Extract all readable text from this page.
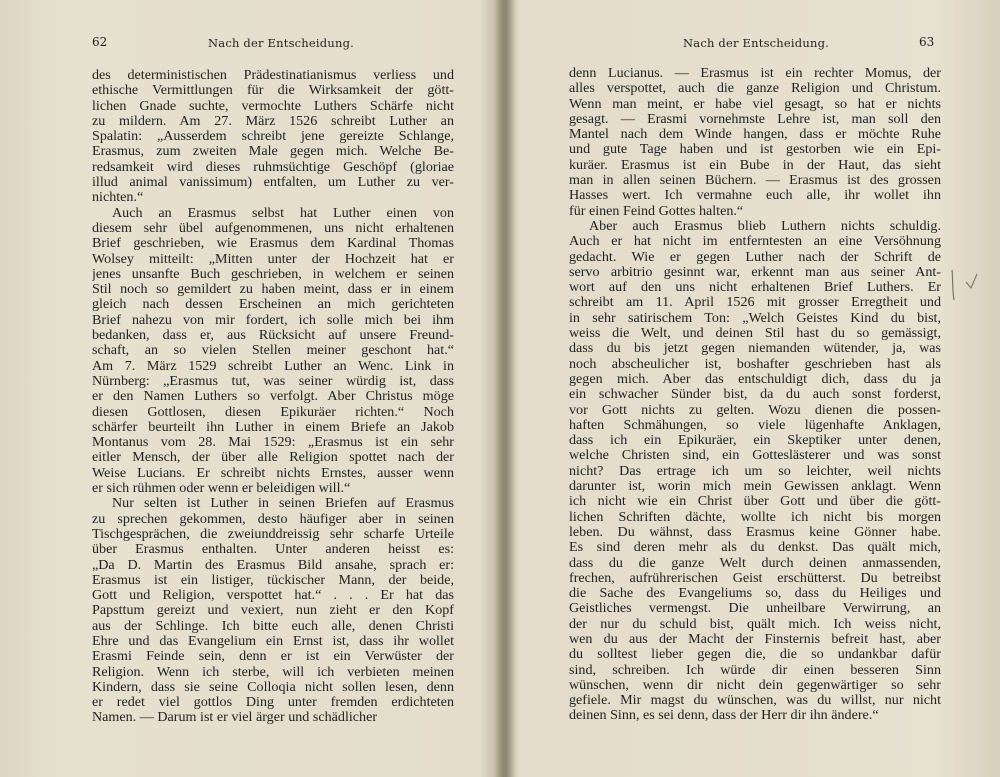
62	Nach der Entscheidung.
des deterministischen Prädestinatianismus verliess und
ethische Vermittlungen für die Wirksamkeit der gött-
lichen Gnade suchte, vermochte Luthers Schärfe nicht
zu mildern. Am 27. März 1526 schreibt Luther an
Spalatin: „Ausserdem schreibt jene gereizte Schlange,
Erasmus, zum zweiten Male gegen mich. Welche Be-
redsamkeit wird dieses ruhmsüchtige Geschöpf (gloriae
illud animal vanissimum) entfalten, um Luther zu ver-
nichten.“
Auch an Erasmus selbst hat Luther einen von
diesem sehr übel aufgenommenen, uns nicht erhaltenen
Brief geschrieben, wie Erasmus dem Kardinal Thomas
Wolsey mitteilt: „Mitten unter der Hochzeit hat er
jenes unsanfte Buch geschrieben, in welchem er seinen
Stil noch so gemildert zu haben meint, dass er in einem
gleich nach dessen Erscheinen an mich gerichteten
Brief nahezu von mir fordert, ich solle mich bei ihm
bedanken, dass er, aus Rücksicht auf unsere Freund-
schaft, an so vielen Stellen meiner geschont hat.“
Am 7. März 1529 schreibt Luther an Wenc. Link in
Nürnberg: „Erasmus tut, was seiner würdig ist, dass
er den Namen Luthers so verfolgt. Aber Christus möge
diesen Gottlosen, diesen Epikuräer richten.“ Noch
schärfer beurteilt ihn Luther in einem Briefe an Jakob
Montanus vom 28. Mai 1529: „Erasmus ist ein sehr
eitler Mensch, der über alle Religion spottet nach der
Weise Lucians. Er schreibt nichts Ernstes, ausser wenn
er sich rühmen oder wenn er beleidigen will.“
Nur selten ist Luther in seinen Briefen auf Erasmus
zu sprechen gekommen, desto häufiger aber in seinen
Tischgesprächen, die zweiunddreissig sehr scharfe Urteile
über Erasmus enthalten. Unter anderen heisst es:
„Da D. Martin des Erasmus Bild ansahe, sprach er:
Erasmus ist ein listiger, tückischer Mann, der beide,
Gott und Religion, verspottet hat.“ . . . Er hat das
Papsttum gereizt und vexiert, nun zieht er den Kopf
aus der Schlinge. Ich bitte euch alle, denen Christi
Ehre und das Evangelium ein Ernst ist, dass ihr wollet
Erasmi Feinde sein, denn er ist ein Verwüster der
Religion. Wenn ich sterbe, will ich verbieten meinen
Kindern, dass sie seine Colloqia nicht sollen lesen, denn
er redet viel gottlos Ding unter fremden erdichteten
Namen. — Darum ist er viel ärger und schädlicher
Nach der Entscheidung.	63
denn Lucianus. — Erasmus ist ein rechter Momus, der
alles verspottet, auch die ganze Religion und Christum.
Wenn man meint, er habe viel gesagt, so hat er nichts
gesagt. — Erasmi vornehmste Lehre ist, man soll den
Mantel nach dem Winde hangen, dass er möchte Ruhe
und gute Tage haben und ist gestorben wie ein Epi-
kuräer. Erasmus ist ein Bube in der Haut, das sieht
man in allen seinen Büchern. — Erasmus ist des grossen
Hasses wert. Ich vermahne euch alle, ihr wollet ihn
für einen Feind Gottes halten.“
Aber auch Erasmus blieb Luthern nichts schuldig.
Auch er hat nicht im entferntesten an eine Versöhnung
gedacht. Wie er gegen Luther nach der Schrift de
servo arbitrio gesinnt war, erkennt man aus seiner Ant-
wort auf den uns nicht erhaltenen Brief Luthers. Er
schreibt am 11. April 1526 mit grosser Erregtheit und
in sehr satirischem Ton: „Welch Geistes Kind du bist,
weiss die Welt, und deinen Stil hast du so gemässigt,
dass du bis jetzt gegen niemanden wütender, ja, was
noch abscheulicher ist, boshafter geschrieben hast als
gegen mich. Aber das entschuldigt dich, dass du ja
ein schwacher Sünder bist, da du auch sonst forderst,
vor Gott nichts zu gelten. Wozu dienen die possen-
haften Schmähungen, so viele lügenhafte Anklagen,
dass ich ein Epikuräer, ein Skeptiker unter denen,
welche Christen sind, ein Gotteslästerer und was sonst
nicht? Das ertrage ich um so leichter, weil nichts
darunter ist, worin mich mein Gewissen anklagt. Wenn
ich nicht wie ein Christ über Gott und über die gött-
lichen Schriften dächte, wollte ich nicht bis morgen
leben. Du wähnst, dass Erasmus keine Gönner habe.
Es sind deren mehr als du denkst. Das quält mich,
dass du die ganze Welt durch deinen anmassenden,
frechen, aufrührerischen Geist erschütterst. Du betreibst
die Sache des Evangeliums so, dass du Heiliges und
Geistliches vermengst. Die unheilbare Verwirrung, an
der nur du schuld bist, quält mich. Ich weiss nicht,
wen du aus der Macht der Finsternis befreit hast, aber
du solltest lieber gegen die, die so undankbar dafür
sind, schreiben. Ich würde dir einen besseren Sinn
wünschen, wenn dir nicht dein gegenwärtiger so sehr
gefiele. Mir magst du wünschen, was du willst, nur nicht
deinen Sinn, es sei denn, dass der Herr dir ihn ändere.“
